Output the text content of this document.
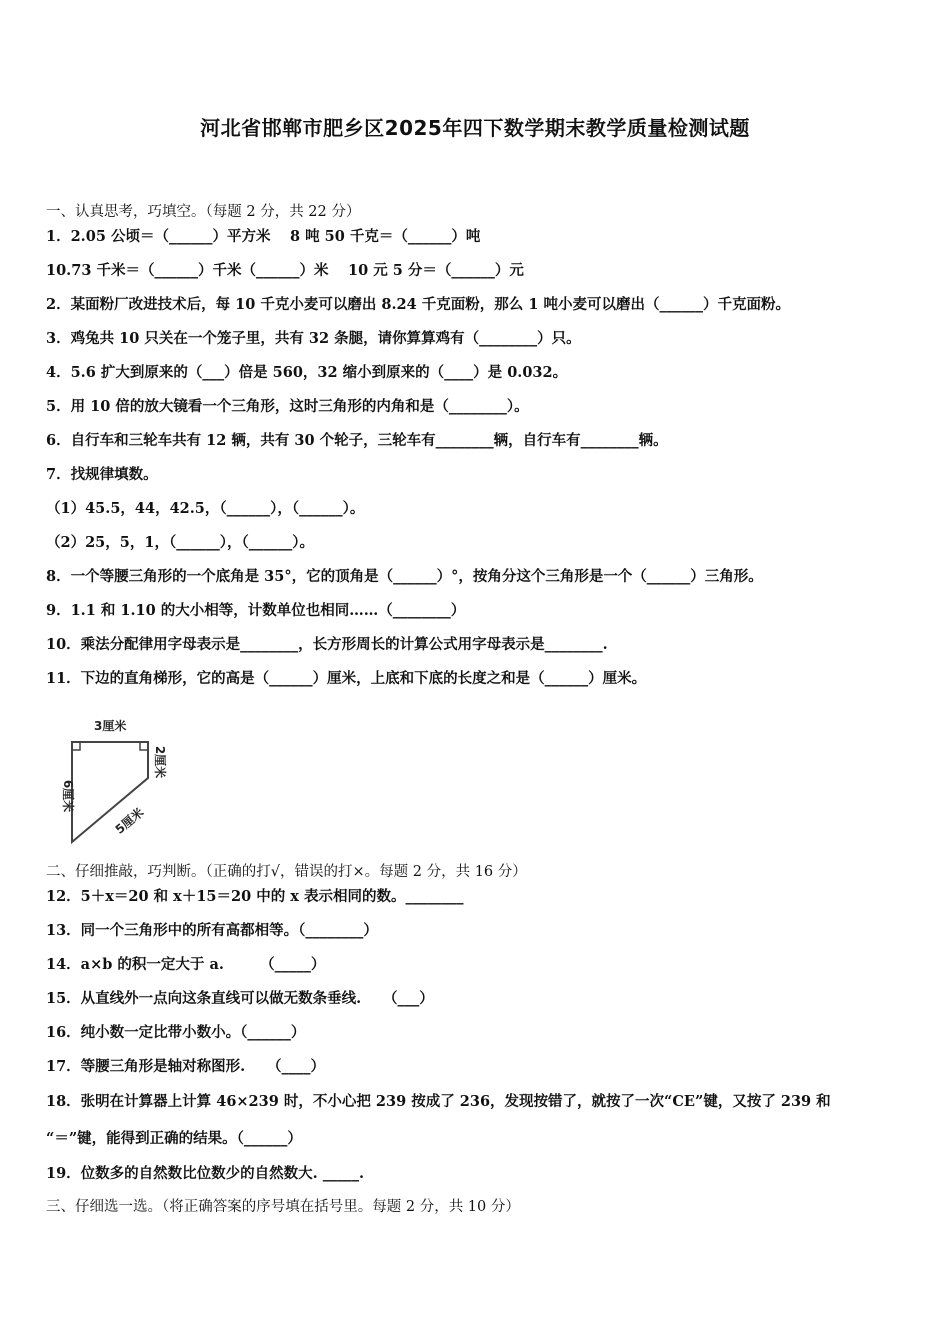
河北省邯郸市肥乡区2025年四下数学期末教学质量检测试题
一、认真思考，巧填空。（每题 2 分，共 22 分）
1．2.05 公顷＝（______）平方米　 8 吨 50 千克＝（______）吨
10.73 千米＝（______）千米（______）米　 10 元 5 分＝（______）元
2．某面粉厂改进技术后，每 10 千克小麦可以磨出 8.24 千克面粉，那么 1 吨小麦可以磨出（______）千克面粉。
3．鸡兔共 10 只关在一个笼子里，共有 32 条腿，请你算算鸡有（________）只。
4．5.6 扩大到原来的（___）倍是 560，32 缩小到原来的（____）是 0.032。
5．用 10 倍的放大镜看一个三角形，这时三角形的内角和是（________）。
6．自行车和三轮车共有 12 辆，共有 30 个轮子，三轮车有________辆，自行车有________辆。
7．找规律填数。
（1）45.5，44，42.5，（______），（______）。
（2）25，5，1，（______），（______）。
8．一个等腰三角形的一个底角是 35°，它的顶角是（______）°，按角分这个三角形是一个（______）三角形。
9．1.1 和 1.10 的大小相等，计数单位也相同……（________）
10．乘法分配律用字母表示是________，长方形周长的计算公式用字母表示是________.
11．下边的直角梯形，它的高是（______）厘米，上底和下底的长度之和是（______）厘米。
3厘米
6厘米
2厘米
5厘米
二、仔细推敲，巧判断。（正确的打√，错误的打×。每题 2 分，共 16 分）
12．5＋x＝20 和 x＋15＝20 中的 x 表示相同的数。________
13．同一个三角形中的所有高都相等。（________）
14．a×b 的积一定大于 a.　　　（_____）
15．从直线外一点向这条直线可以做无数条垂线.　　（___）
16．纯小数一定比带小数小。（______）
17．等腰三角形是轴对称图形.　　（____）
18．张明在计算器上计算 46×239 时，不小心把 239 按成了 236，发现按错了，就按了一次“CE”键，又按了 239 和
“＝”键，能得到正确的结果。（______）
19．位数多的自然数比位数少的自然数大. _____.
三、仔细选一选。（将正确答案的序号填在括号里。每题 2 分，共 10 分）
